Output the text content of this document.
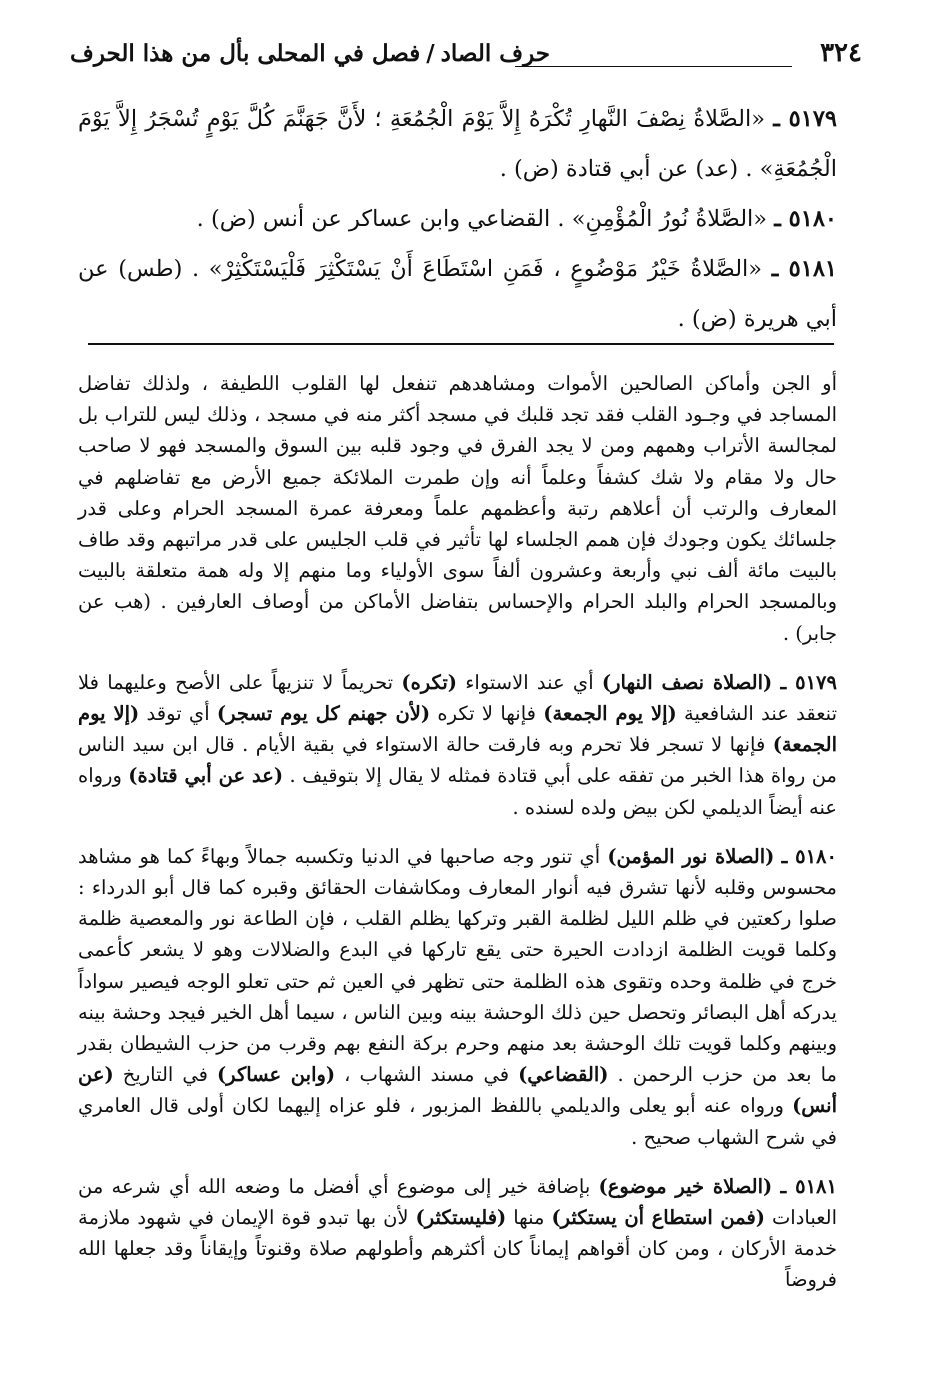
٣٢٤
حرف الصاد/فصل في المحلى بأل من هذا الحرف
٥١٧٩ ـ «الصَّلاةُ نِصْفَ النَّهارِ تُكْرَهُ إِلاَّ يَوْمَ الْجُمُعَةِ ؛ لأَنَّ جَهَنَّمَ كُلَّ يَوْمٍ تُسْجَرُ إِلاَّ يَوْمَ الْجُمُعَةِ» . (عد) عن أبي قتادة (ض) .
٥١٨٠ ـ «الصَّلاةُ نُورُ الْمُؤْمِنِ» . القضاعي وابن عساكر عن أنس (ض) .
٥١٨١ ـ «الصَّلاةُ خَيْرُ مَوْضُوعٍ ، فَمَنِ اسْتَطَاعَ أَنْ يَسْتَكْثِرَ فَلْيَسْتَكْثِرْ» . (طس) عن أبي هريرة (ض) .

أو الجن وأماكن الصالحين الأموات ومشاهدهم تنفعل لها القلوب اللطيفة ، ولذلك تفاضل المساجد في وجـود القلب فقد تجد قلبك في مسجد أكثر منه في مسجد ، وذلك ليس للتراب بل لمجالسة الأتراب وهمهم ومن لا يجد الفرق في وجود قلبه بين السوق والمسجد فهو لا صاحب حال ولا مقام ولا شك كشفاً وعلماً أنه وإن طمرت الملائكة جميع الأرض مع تفاضلهم في المعارف والرتب أن أعلاهم رتبة وأعظمهم علماً ومعرفة عمرة المسجد الحرام وعلى قدر جلسائك يكون وجودك فإن همم الجلساء لها تأثير في قلب الجليس على قدر مراتبهم وقد طاف بالبيت مائة ألف نبي وأربعة وعشرون ألفاً سوى الأولياء وما منهم إلا وله همة متعلقة بالبيت وبالمسجد الحرام والبلد الحرام والإحساس بتفاضل الأماكن من أوصاف العارفين . (هب عن جابر) .

٥١٧٩ ـ (الصلاة نصف النهار) أي عند الاستواء (تكره) تحريماً لا تنزيهاً على الأصح وعليهما فلا تنعقد عند الشافعية (إلا يوم الجمعة) فإنها لا تكره (لأن جهنم كل يوم تسجر) أي توقد (إلا يوم الجمعة) فإنها لا تسجر فلا تحرم وبه فارقت حالة الاستواء في بقية الأيام . قال ابن سيد الناس من رواة هذا الخبر من تفقه على أبي قتادة فمثله لا يقال إلا بتوقيف . (عد عن أبي قتادة) ورواه عنه أيضاً الديلمي لكن بيض ولده لسنده .

٥١٨٠ ـ (الصلاة نور المؤمن) أي تنور وجه صاحبها في الدنيا وتكسبه جمالاً وبهاءً كما هو مشاهد محسوس وقلبه لأنها تشرق فيه أنوار المعارف ومكاشفات الحقائق وقبره كما قال أبو الدرداء : صلوا ركعتين في ظلم الليل لظلمة القبر وتركها يظلم القلب ، فإن الطاعة نور والمعصية ظلمة وكلما قويت الظلمة ازدادت الحيرة حتى يقع تاركها في البدع والضلالات وهو لا يشعر كأعمى خرج في ظلمة وحده وتقوى هذه الظلمة حتى تظهر في العين ثم حتى تعلو الوجه فيصير سواداً يدركه أهل البصائر وتحصل حين ذلك الوحشة بينه وبين الناس ، سيما أهل الخير فيجد وحشة بينه وبينهم وكلما قويت تلك الوحشة بعد منهم وحرم بركة النفع بهم وقرب من حزب الشيطان بقدر ما بعد من حزب الرحمن . (القضاعي) في مسند الشهاب ، (وابن عساكر) في التاريخ (عن أنس) ورواه عنه أبو يعلى والديلمي باللفظ المزبور ، فلو عزاه إليهما لكان أولى قال العامري في شرح الشهاب صحيح .

٥١٨١ ـ (الصلاة خير موضوع) بإضافة خير إلى موضوع أي أفضل ما وضعه الله أي شرعه من العبادات (فمن استطاع أن يستكثر) منها (فليستكثر) لأن بها تبدو قوة الإيمان في شهود ملازمة خدمة الأركان ، ومن كان أقواهم إيماناً كان أكثرهم وأطولهم صلاة وقنوتاً وإيقاناً وقد جعلها الله فروضاً
